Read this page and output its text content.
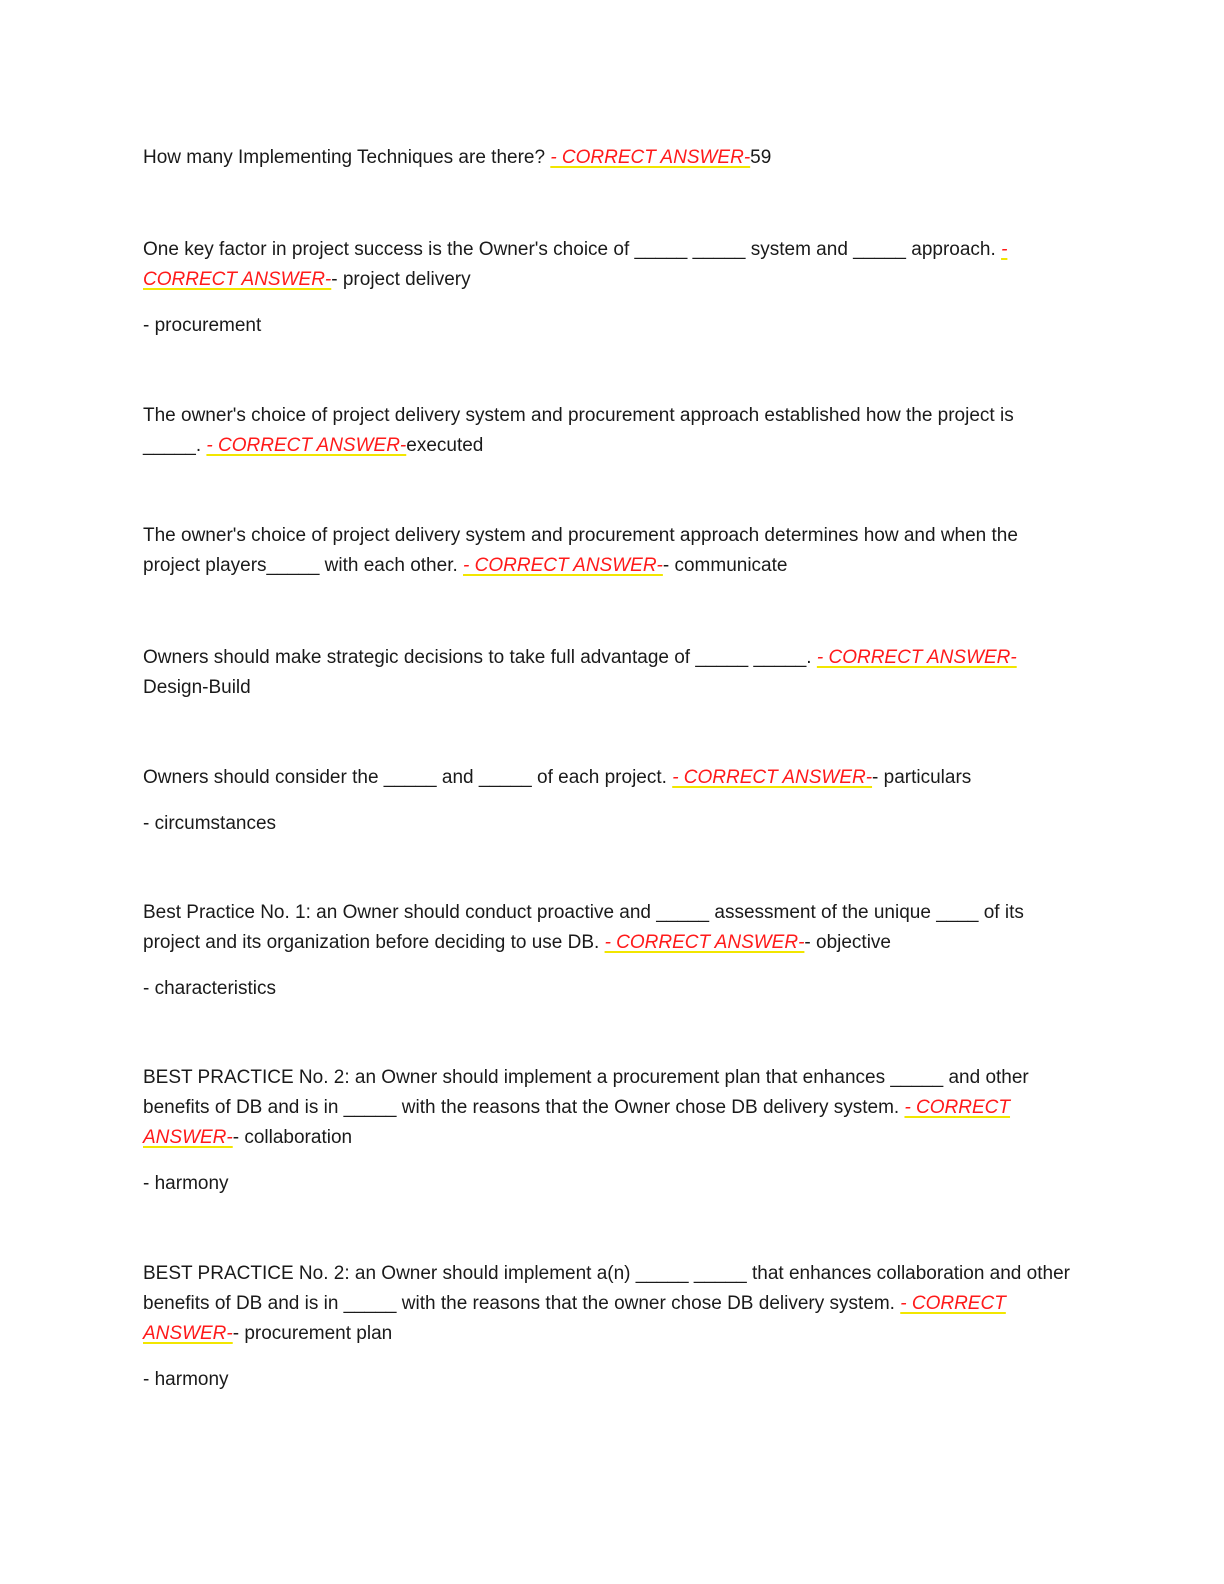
How many Implementing Techniques are there? - CORRECT ANSWER-59

One key factor in project success is the Owner's choice of _____ _____ system and _____ approach. - CORRECT ANSWER-- project delivery

- procurement

The owner's choice of project delivery system and procurement approach established how the project is _____. - CORRECT ANSWER-executed

The owner's choice of project delivery system and procurement approach determines how and when the project players_____ with each other. - CORRECT ANSWER-- communicate

Owners should make strategic decisions to take full advantage of _____ _____. - CORRECT ANSWER-Design-Build

Owners should consider the _____ and _____ of each project. - CORRECT ANSWER-- particulars

- circumstances

Best Practice No. 1: an Owner should conduct proactive and _____ assessment of the unique ____ of its project and its organization before deciding to use DB. - CORRECT ANSWER-- objective

- characteristics

BEST PRACTICE No. 2: an Owner should implement a procurement plan that enhances _____ and other benefits of DB and is in _____ with the reasons that the Owner chose DB delivery system. - CORRECT ANSWER-- collaboration

- harmony

BEST PRACTICE No. 2: an Owner should implement a(n) _____ _____ that enhances collaboration and other benefits of DB and is in _____ with the reasons that the owner chose DB delivery system. - CORRECT ANSWER-- procurement plan

- harmony
